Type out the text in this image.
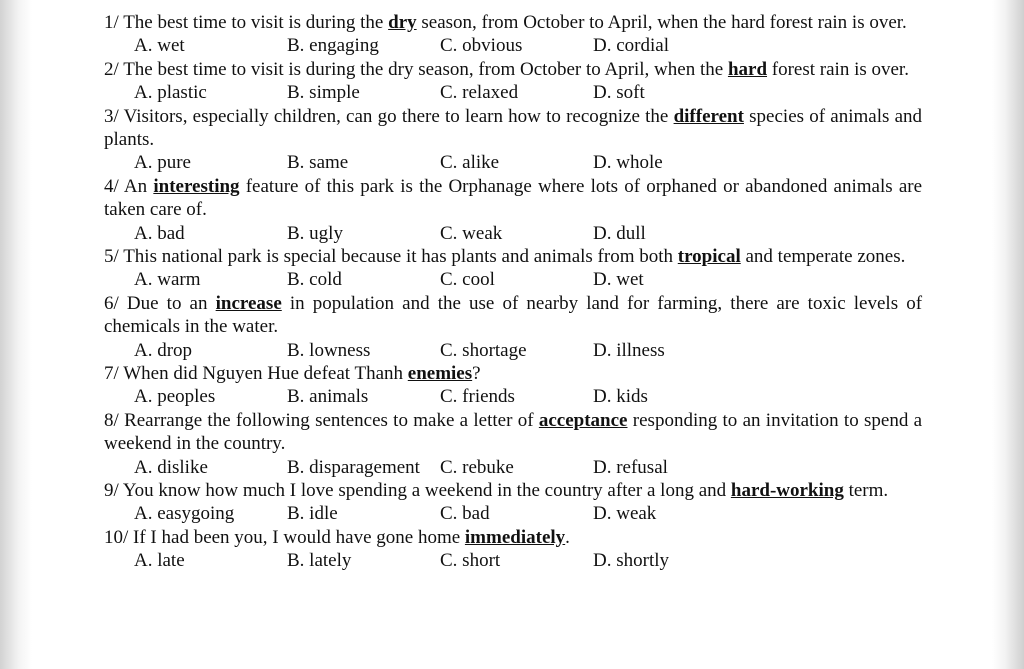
1/ The best time to visit is during the dry season, from October to April, when the hard forest rain is over.
A. wet	B. engaging	C. obvious	D. cordial
2/ The best time to visit is during the dry season, from October to April, when the hard forest rain is over.
A. plastic	B. simple	C. relaxed	D. soft
3/ Visitors, especially children, can go there to learn how to recognize the different species of animals and plants.
A. pure	B. same	C. alike	D. whole
4/ An interesting feature of this park is the Orphanage where lots of orphaned or abandoned animals are taken care of.
A. bad	B. ugly	C. weak	D. dull
5/ This national park is special because it has plants and animals from both tropical and temperate zones.
A. warm	B. cold	C. cool	D. wet
6/ Due to an increase in population and the use of nearby land for farming, there are toxic levels of chemicals in the water.
A. drop	B. lowness	C. shortage	D. illness
7/ When did Nguyen Hue defeat Thanh enemies?
A. peoples	B. animals	C. friends	D. kids
8/ Rearrange the following sentences to make a letter of acceptance responding to an invitation to spend a weekend in the country.
A. dislike	B. disparagement	C. rebuke	D. refusal
9/ You know how much I love spending a weekend in the country after a long and hard-working term.
A. easygoing	B. idle	C. bad	D. weak
10/ If I had been you, I would have gone home immediately.
A. late	B. lately	C. short	D. shortly
